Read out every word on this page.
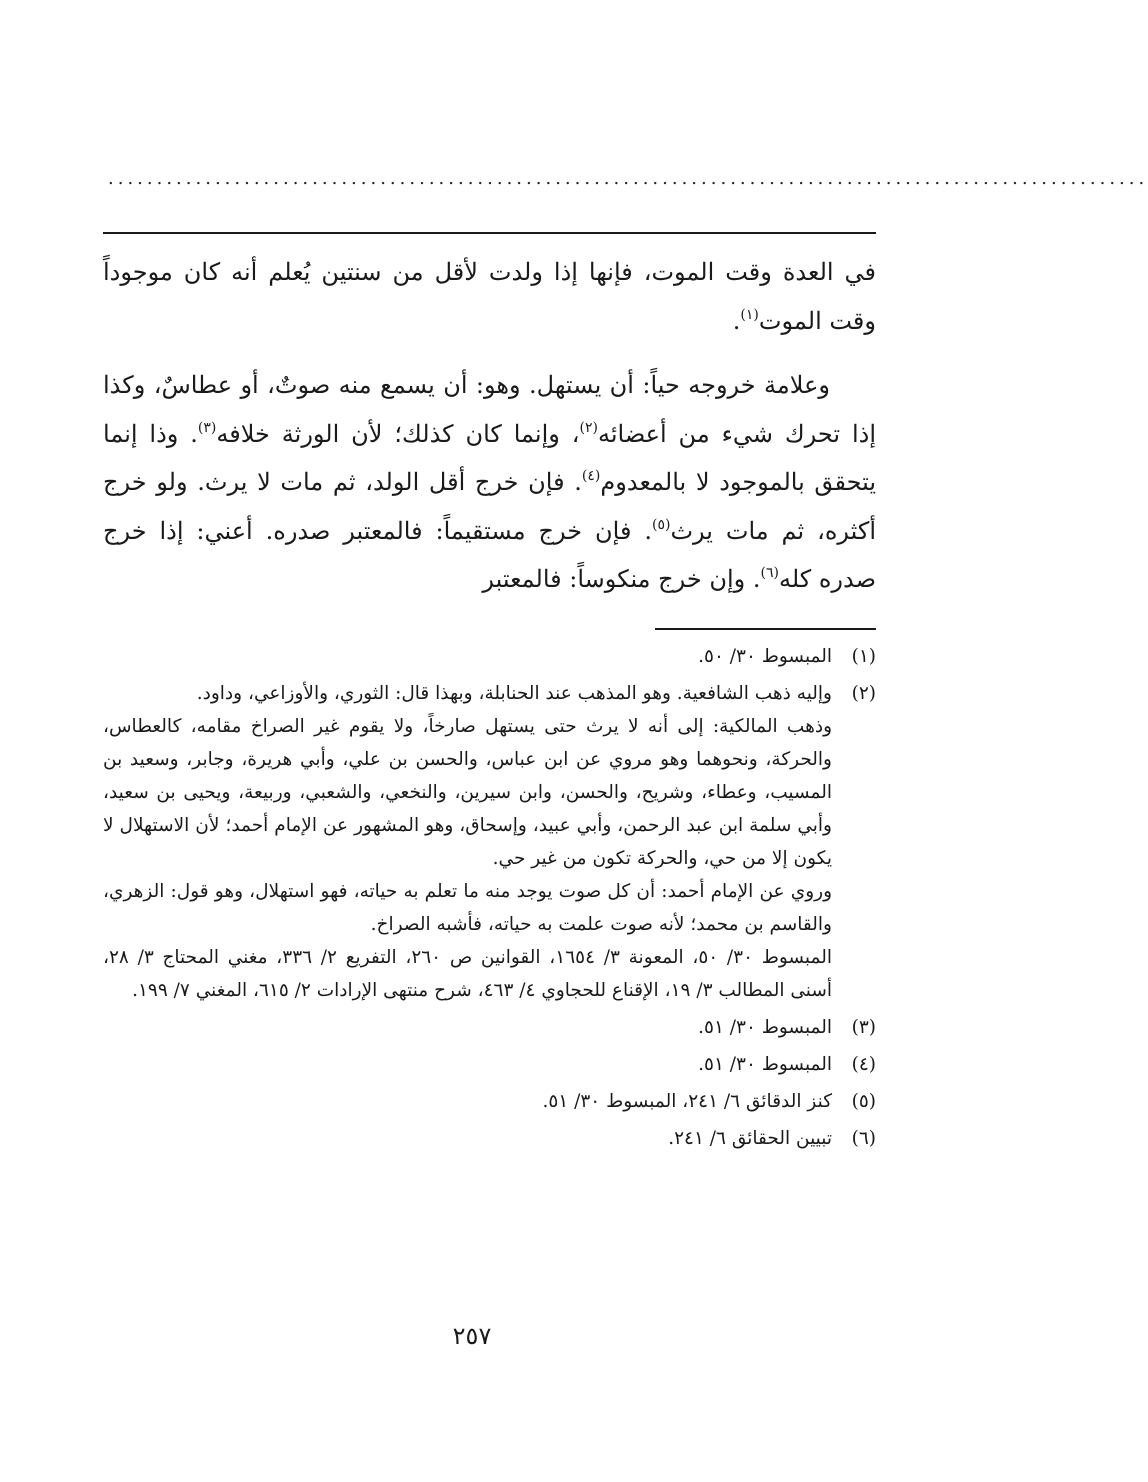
...........................................................................................................

في العدة وقت الموت، فإنها إذا ولدت لأقل من سنتين يُعلم أنه كان موجوداً وقت الموت$^{(١)}$.

وعلامة خروجه حياً: أن يستهل. وهو: أن يسمع منه صوتٌ، أو عطاسٌ، وكذا إذا تحرك شيء من أعضائه$^{(٢)}$، وإنما كان كذلك؛ لأن الورثة خلافه$^{(٣)}$. وذا إنما يتحقق بالموجود لا بالمعدوم$^{(٤)}$. فإن خرج أقل الولد، ثم مات لا يرث. ولو خرج أكثره، ثم مات يرث$^{(٥)}$. فإن خرج مستقيماً: فالمعتبر صدره. أعني: إذا خرج صدره كله$^{(٦)}$. وإن خرج منكوساً: فالمعتبر

(١)
المبسوط ٣٠/ ٥٠.
(٢)
وإليه ذهب الشافعية. وهو المذهب عند الحنابلة، وبهذا قال: الثوري، والأوزاعي، وداود.
وذهب المالكية: إلى أنه لا يرث حتى يستهل صارخاً، ولا يقوم غير الصراخ مقامه، كالعطاس، والحركة، ونحوهما وهو مروي عن ابن عباس، والحسن بن علي، وأبي هريرة، وجابر، وسعيد بن المسيب، وعطاء، وشريح، والحسن، وابن سيرين، والنخعي، والشعبي، وربيعة، ويحيى بن سعيد، وأبي سلمة ابن عبد الرحمن، وأبي عبيد، وإسحاق، وهو المشهور عن الإمام أحمد؛ لأن الاستهلال لا يكون إلا من حي، والحركة تكون من غير حي.
وروي عن الإمام أحمد: أن كل صوت يوجد منه ما تعلم به حياته، فهو استهلال، وهو قول: الزهري، والقاسم بن محمد؛ لأنه صوت علمت به حياته، فأشبه الصراخ.
المبسوط ٣٠/ ٥٠، المعونة ٣/ ١٦٥٤، القوانين ص ٢٦٠، التفريع ٢/ ٣٣٦، مغني المحتاج ٣/ ٢٨، أسنى المطالب ٣/ ١٩، الإقناع للحجاوي ٤/ ٤٦٣، شرح منتهى الإرادات ٢/ ٦١٥، المغني ٧/ ١٩٩.
(٣)
المبسوط ٣٠/ ٥١.
(٤)
المبسوط ٣٠/ ٥١.
(٥)
كنز الدقائق ٦/ ٢٤١، المبسوط ٣٠/ ٥١.
(٦)
تبيين الحقائق ٦/ ٢٤١.
٢٥٧
